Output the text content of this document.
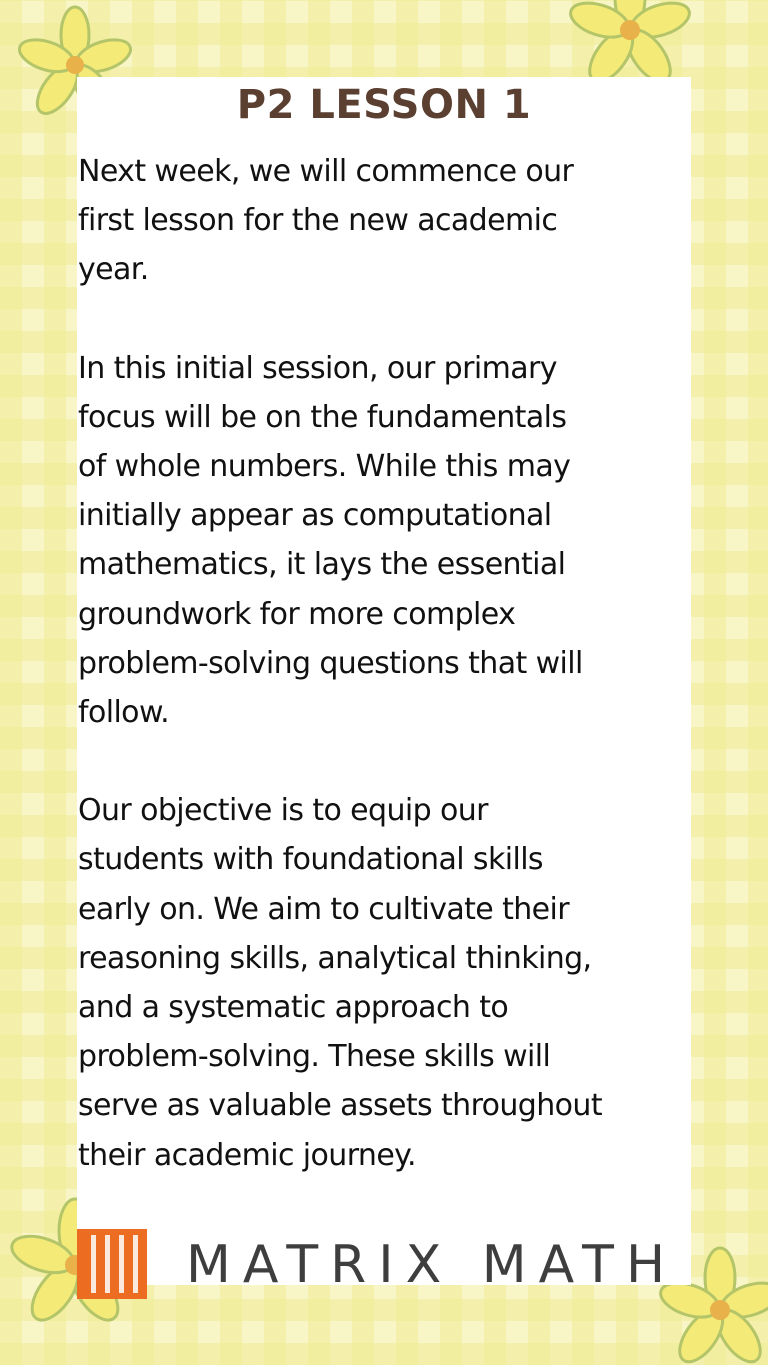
P2 LESSON 1

Next week, we will commence our
first lesson for the new academic
year.

In this initial session, our primary
focus will be on the fundamentals
of whole numbers. While this may
initially appear as computational
mathematics, it lays the essential
groundwork for more complex
problem-solving questions that will
follow.

Our objective is to equip our
students with foundational skills
early on. We aim to cultivate their
reasoning skills, analytical thinking,
and a systematic approach to
problem-solving. These skills will
serve as valuable assets throughout
their academic journey.

MATRIX MATH
